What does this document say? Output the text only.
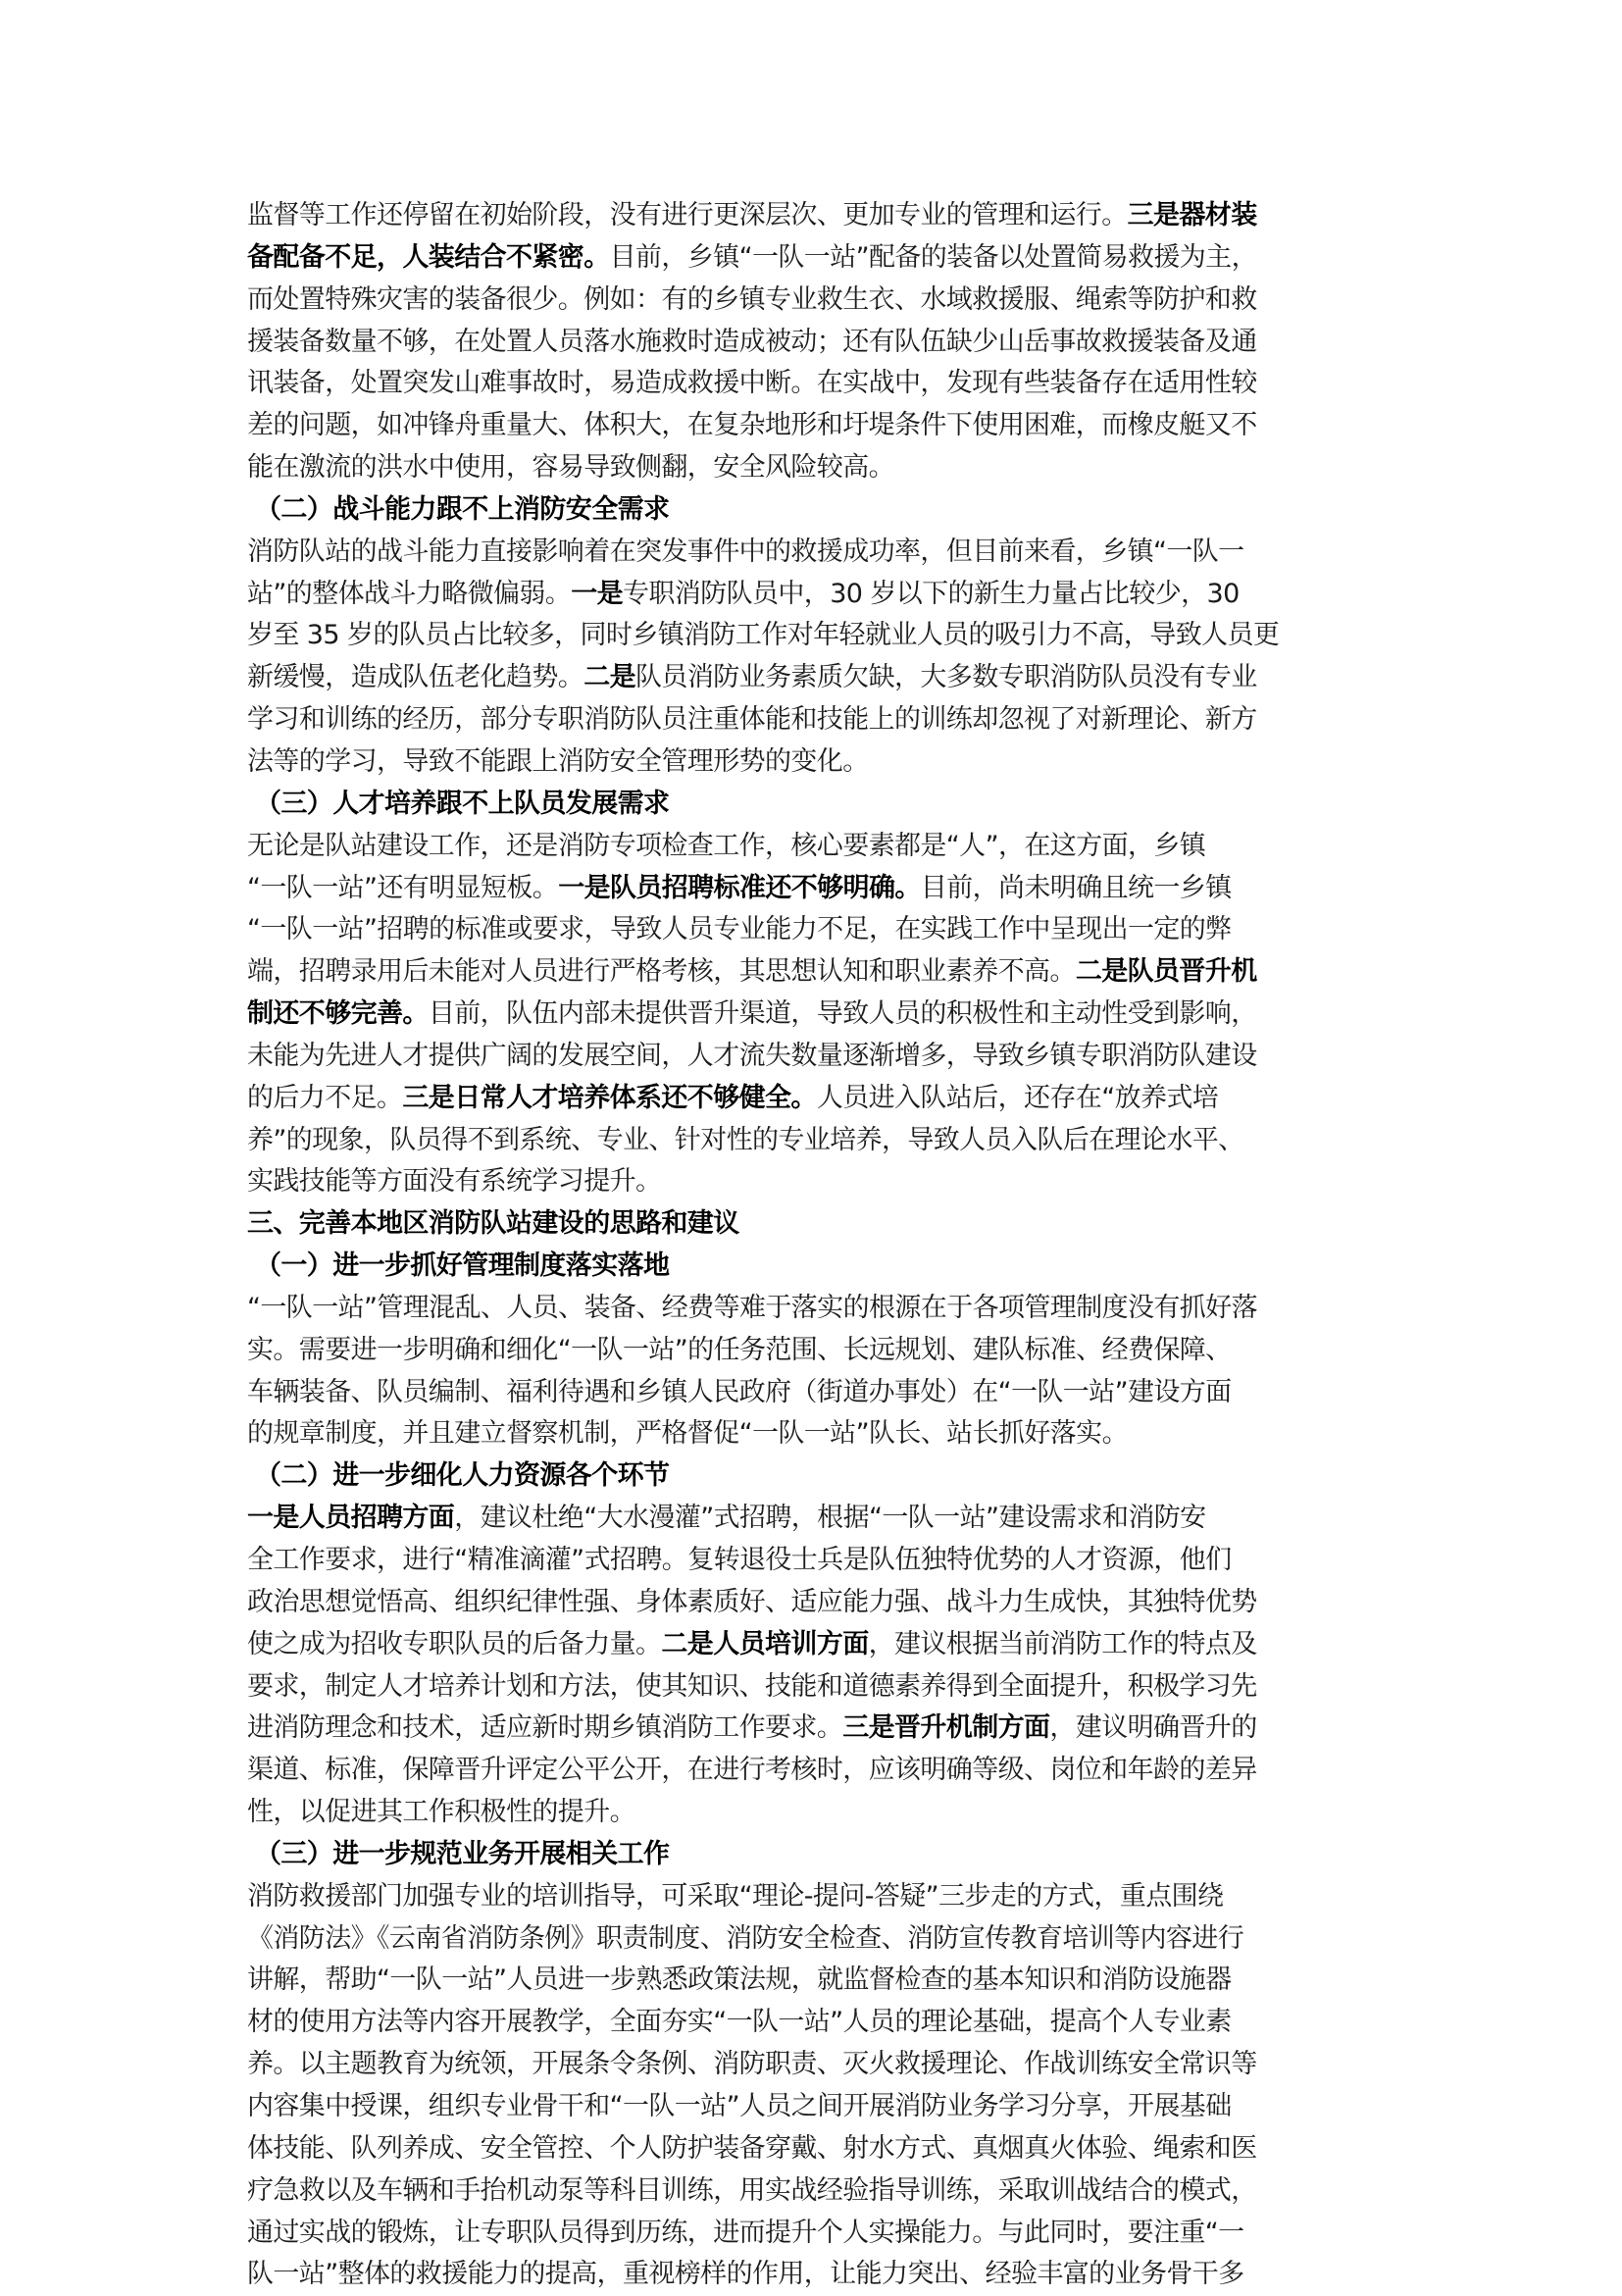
监督等工作还停留在初始阶段，没有进行更深层次、更加专业的管理和运行。三是器材装
备配备不足，人装结合不紧密。目前，乡镇“一队一站”配备的装备以处置简易救援为主，
而处置特殊灾害的装备很少。例如：有的乡镇专业救生衣、水域救援服、绳索等防护和救
援装备数量不够，在处置人员落水施救时造成被动；还有队伍缺少山岳事故救援装备及通
讯装备，处置突发山难事故时，易造成救援中断。在实战中，发现有些装备存在适用性较
差的问题，如冲锋舟重量大、体积大，在复杂地形和圩堤条件下使用困难，而橡皮艇又不
能在激流的洪水中使用，容易导致侧翻，安全风险较高。
（二）战斗能力跟不上消防安全需求
消防队站的战斗能力直接影响着在突发事件中的救援成功率，但目前来看，乡镇“一队一
站”的整体战斗力略微偏弱。一是专职消防队员中，30 岁以下的新生力量占比较少，30
岁至 35 岁的队员占比较多，同时乡镇消防工作对年轻就业人员的吸引力不高，导致人员更
新缓慢，造成队伍老化趋势。二是队员消防业务素质欠缺，大多数专职消防队员没有专业
学习和训练的经历，部分专职消防队员注重体能和技能上的训练却忽视了对新理论、新方
法等的学习，导致不能跟上消防安全管理形势的变化。
（三）人才培养跟不上队员发展需求
无论是队站建设工作，还是消防专项检查工作，核心要素都是“人”，在这方面，乡镇
“一队一站”还有明显短板。一是队员招聘标准还不够明确。目前，尚未明确且统一乡镇
“一队一站”招聘的标准或要求，导致人员专业能力不足，在实践工作中呈现出一定的弊
端，招聘录用后未能对人员进行严格考核，其思想认知和职业素养不高。二是队员晋升机
制还不够完善。目前，队伍内部未提供晋升渠道，导致人员的积极性和主动性受到影响，
未能为先进人才提供广阔的发展空间，人才流失数量逐渐增多，导致乡镇专职消防队建设
的后力不足。三是日常人才培养体系还不够健全。人员进入队站后，还存在“放养式培
养”的现象，队员得不到系统、专业、针对性的专业培养，导致人员入队后在理论水平、
实践技能等方面没有系统学习提升。
三、完善本地区消防队站建设的思路和建议
（一）进一步抓好管理制度落实落地
“一队一站”管理混乱、人员、装备、经费等难于落实的根源在于各项管理制度没有抓好落
实。需要进一步明确和细化“一队一站”的任务范围、长远规划、建队标准、经费保障、
车辆装备、队员编制、福利待遇和乡镇人民政府（街道办事处）在“一队一站”建设方面
的规章制度，并且建立督察机制，严格督促“一队一站”队长、站长抓好落实。
（二）进一步细化人力资源各个环节
一是人员招聘方面，建议杜绝“大水漫灌”式招聘，根据“一队一站”建设需求和消防安
全工作要求，进行“精准滴灌”式招聘。复转退役士兵是队伍独特优势的人才资源，他们
政治思想觉悟高、组织纪律性强、身体素质好、适应能力强、战斗力生成快，其独特优势
使之成为招收专职队员的后备力量。二是人员培训方面，建议根据当前消防工作的特点及
要求，制定人才培养计划和方法，使其知识、技能和道德素养得到全面提升，积极学习先
进消防理念和技术，适应新时期乡镇消防工作要求。三是晋升机制方面，建议明确晋升的
渠道、标准，保障晋升评定公平公开，在进行考核时，应该明确等级、岗位和年龄的差异
性，以促进其工作积极性的提升。
（三）进一步规范业务开展相关工作
消防救援部门加强专业的培训指导，可采取“理论-提问-答疑”三步走的方式，重点围绕
《消防法》《云南省消防条例》职责制度、消防安全检查、消防宣传教育培训等内容进行
讲解，帮助“一队一站”人员进一步熟悉政策法规，就监督检查的基本知识和消防设施器
材的使用方法等内容开展教学，全面夯实“一队一站”人员的理论基础，提高个人专业素
养。以主题教育为统领，开展条令条例、消防职责、灭火救援理论、作战训练安全常识等
内容集中授课，组织专业骨干和“一队一站”人员之间开展消防业务学习分享，开展基础
体技能、队列养成、安全管控、个人防护装备穿戴、射水方式、真烟真火体验、绳索和医
疗急救以及车辆和手抬机动泵等科目训练，用实战经验指导训练，采取训战结合的模式，
通过实战的锻炼，让专职队员得到历练，进而提升个人实操能力。与此同时，要注重“一
队一站”整体的救援能力的提高，重视榜样的作用，让能力突出、经验丰富的业务骨干多
